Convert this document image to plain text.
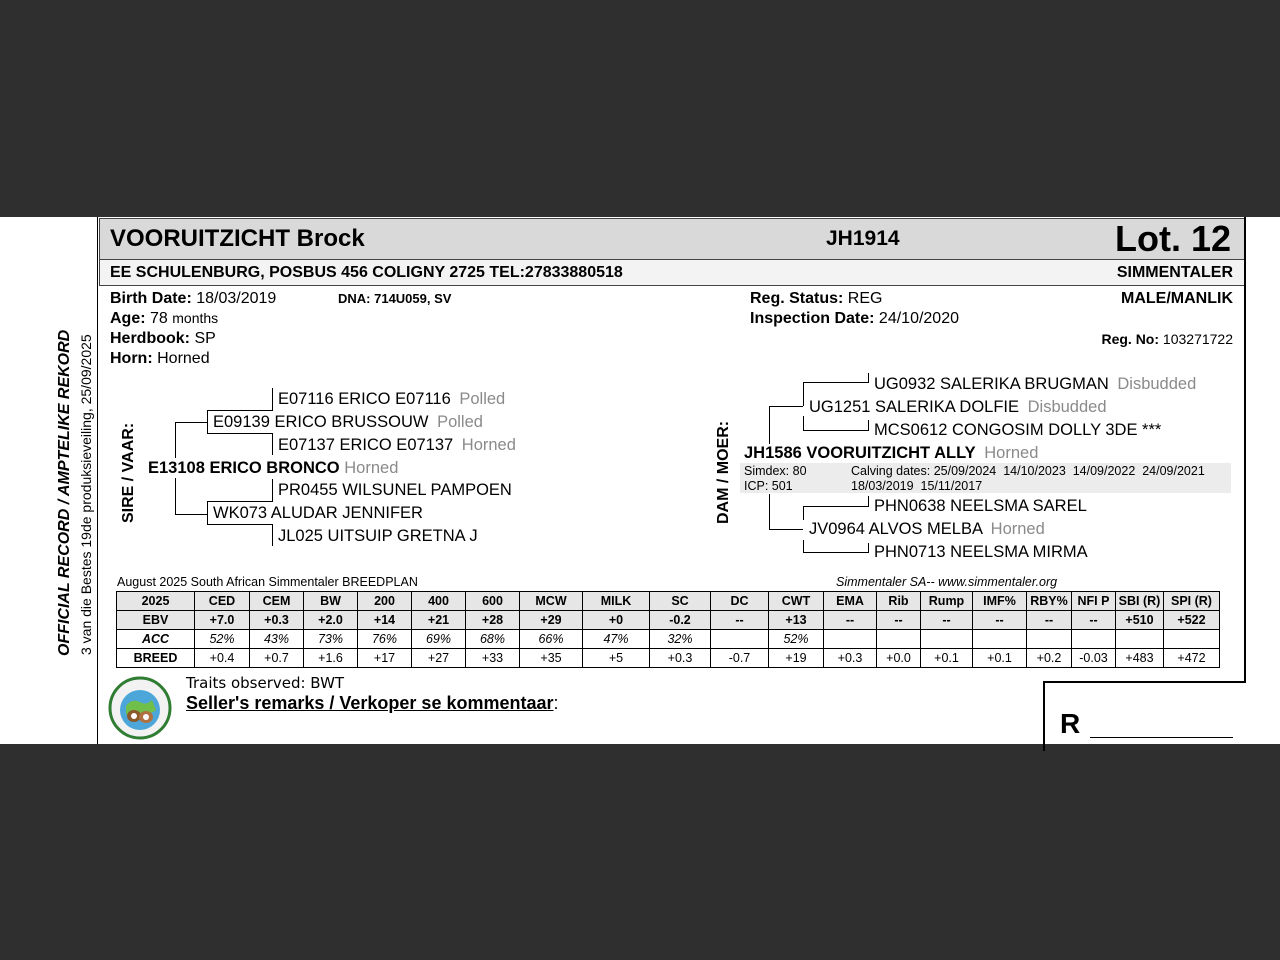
OFFICIAL RECORD / AMPTELIKE REKORD 3 van die Bestes 19de produksieveiling, 25/09/2025
VOORUITZICHT Brock	JH1914	Lot. 12
EE SCHULENBURG, POSBUS 456 COLIGNY 2725 TEL:27833880518	SIMMENTALER
Birth Date: 18/03/2019	DNA: 714U059, SV
Age: 78 months
Herdbook: SP
Horn: Horned
Reg. Status: REG
Inspection Date: 24/10/2020
MALE/MANLIK
Reg. No: 103271722
SIRE / VAAR:
E07116 ERICO E07116 Polled
E09139 ERICO BRUSSOUW Polled
E07137 ERICO E07137 Horned
E13108 ERICO BRONCO Horned
PR0455 WILSUNEL PAMPOEN
WK073 ALUDAR JENNIFER
JL025 UITSUIP GRETNA J
DAM / MOER:
UG0932 SALERIKA BRUGMAN Disbudded
UG1251 SALERIKA DOLFIE Disbudded
MCS0612 CONGOSIM DOLLY 3DE ***
JH1586 VOORUITZICHT ALLY Horned
Simdex: 80
ICP: 501
Calving dates: 25/09/2024  14/10/2023  14/09/2022  24/09/2021
18/03/2019  15/11/2017
PHN0638 NEELSMA SAREL
JV0964 ALVOS MELBA Horned
PHN0713 NEELSMA MIRMA
August 2025 South African Simmentaler BREEDPLAN	Simmentaler SA-- www.simmentaler.org
2025	CED	CEM	BW	200	400	600	MCW	MILK	SC	DC	CWT	EMA	Rib	Rump	IMF%	RBY%	NFI P	SBI (R)	SPI (R)
EBV	+7.0	+0.3	+2.0	+14	+21	+28	+29	+0	-0.2	--	+13	--	--	--	--	--	--	+510	+522
ACC	52%	43%	73%	76%	69%	68%	66%	47%	32%		52%								
BREED	+0.4	+0.7	+1.6	+17	+27	+33	+35	+5	+0.3	-0.7	+19	+0.3	+0.0	+0.1	+0.1	+0.2	-0.03	+483	+472
Traits observed: BWT
Seller's remarks / Verkoper se kommentaar:
R
